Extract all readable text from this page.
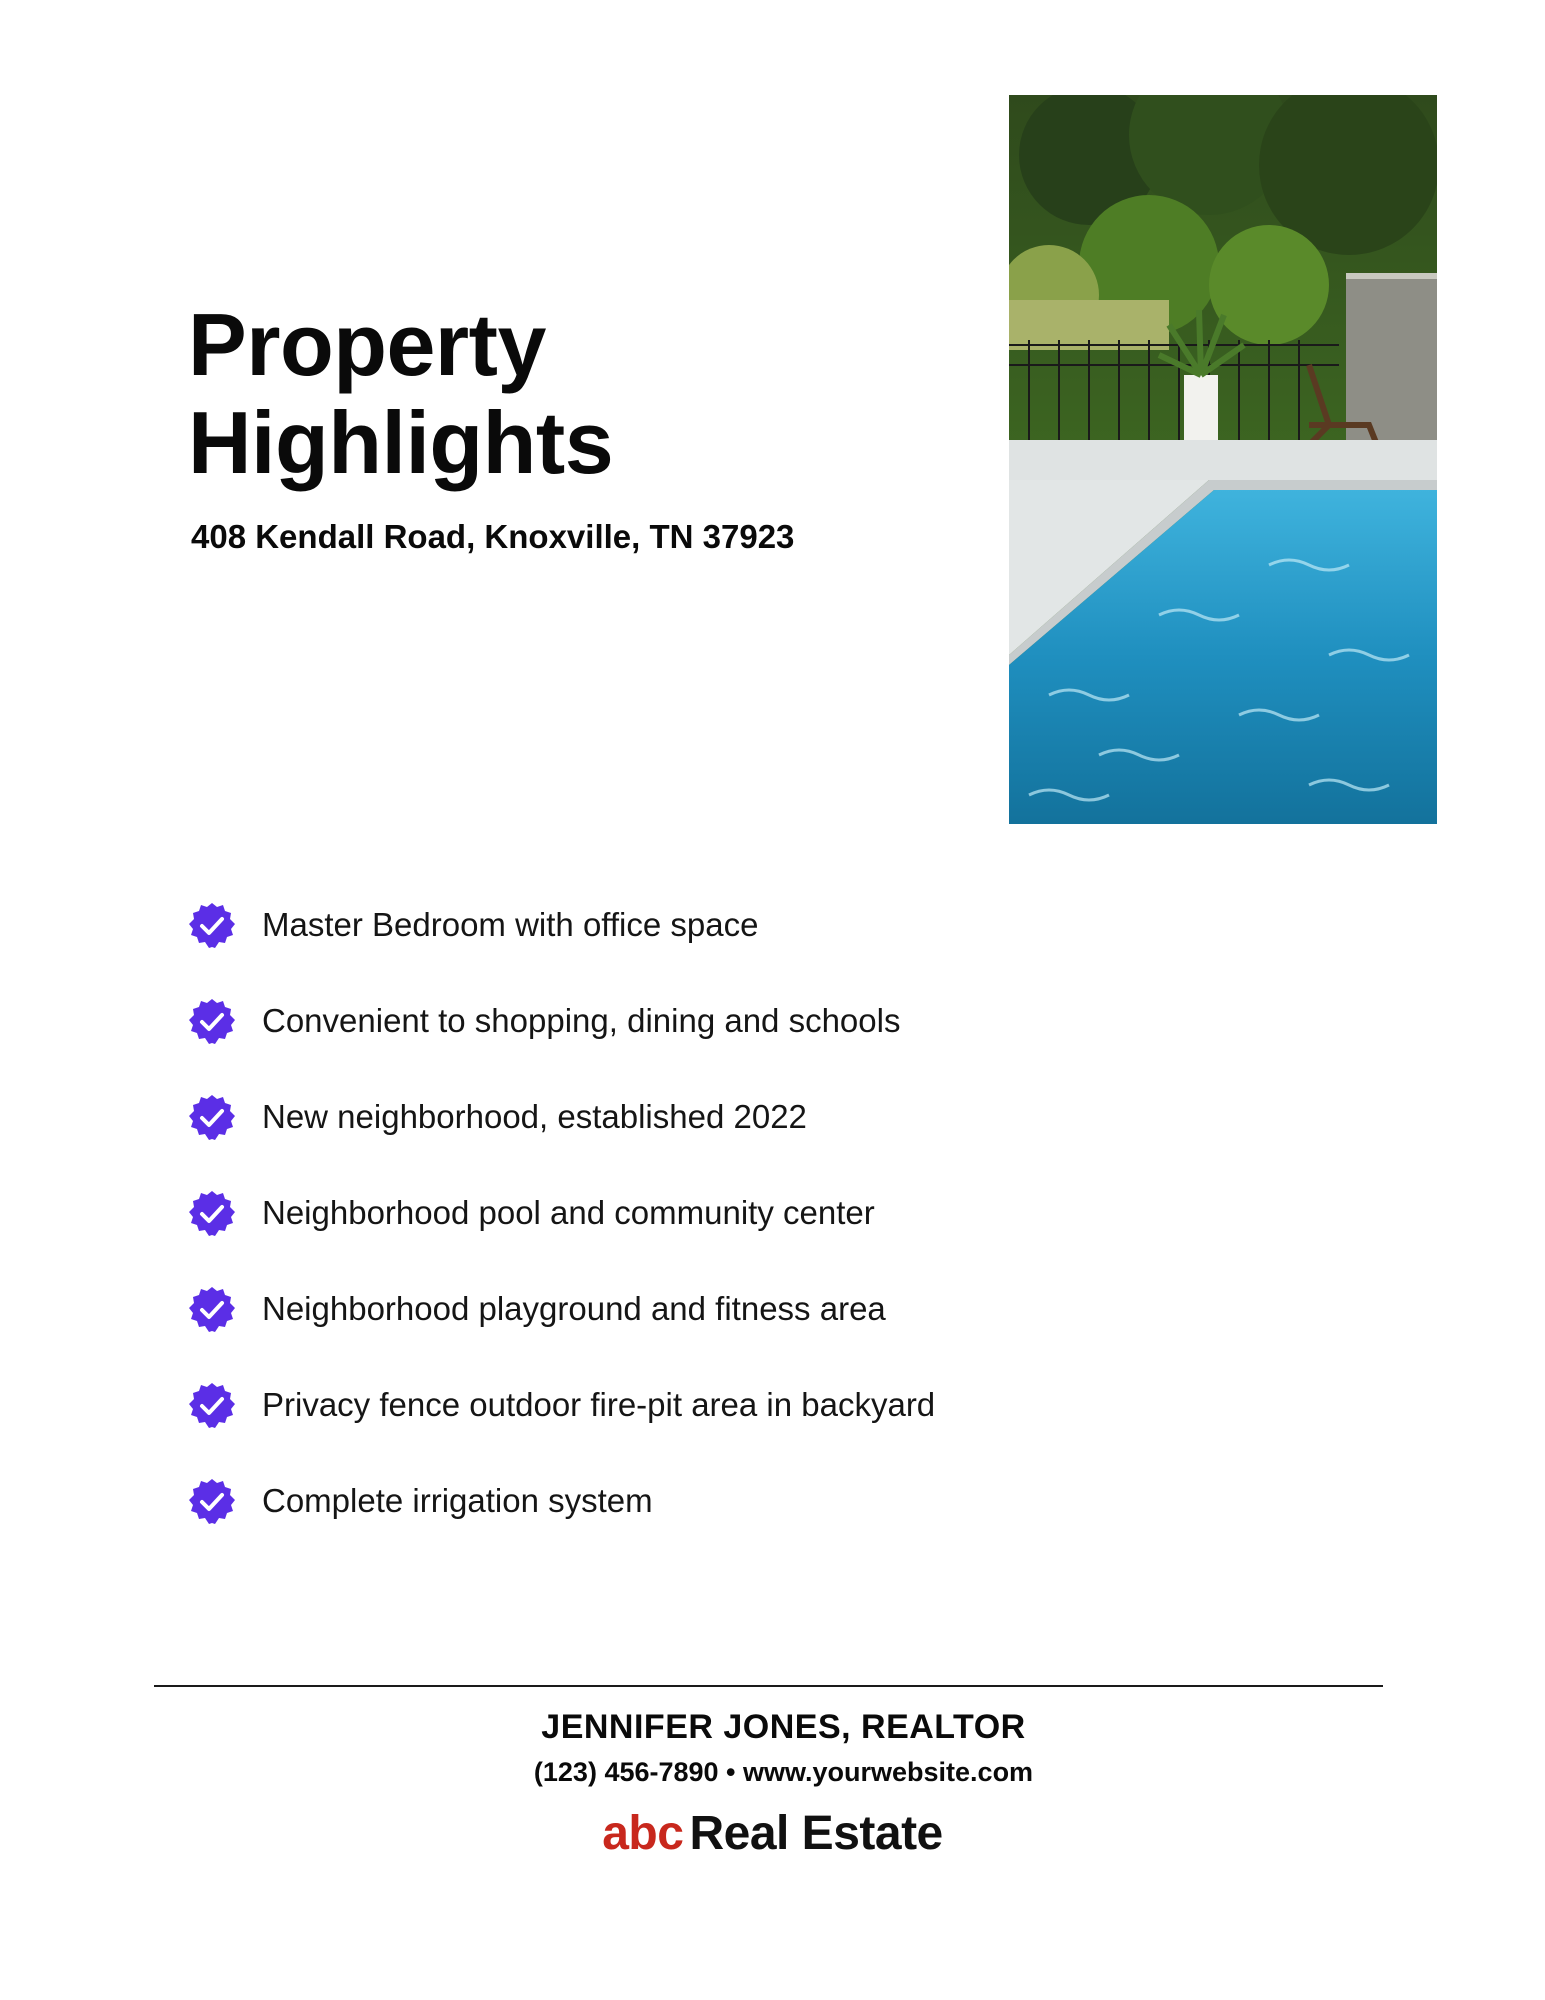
Property
Highlights
408 Kendall Road, Knoxville, TN 37923
Master Bedroom with office space
Convenient to shopping, dining and schools
New neighborhood, established 2022
Neighborhood pool and community center
Neighborhood playground and fitness area
Privacy fence outdoor fire-pit area in backyard
Complete irrigation system
JENNIFER JONES, REALTOR
(123) 456-7890 • www.yourwebsite.com
abc Real Estate
